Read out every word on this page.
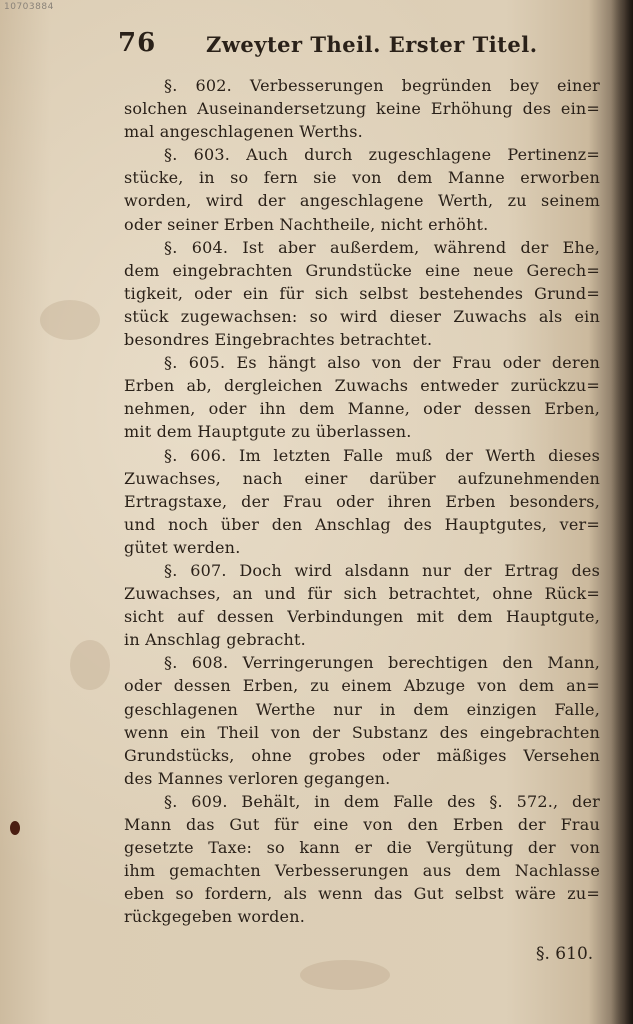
10703884
76 Zweyter Theil. Erster Titel.
§. 602. Verbesserungen begründen bey einer
solchen Auseinandersetzung keine Erhöhung des ein=
mal angeschlagenen Werths.
§. 603. Auch durch zugeschlagene Pertinenz=
stücke, in so fern sie von dem Manne erworben
worden, wird der angeschlagene Werth, zu seinem
oder seiner Erben Nachtheile, nicht erhöht.
§. 604. Ist aber außerdem, während der Ehe,
dem eingebrachten Grundstücke eine neue Gerech=
tigkeit, oder ein für sich selbst bestehendes Grund=
stück zugewachsen: so wird dieser Zuwachs als ein
besondres Eingebrachtes betrachtet.
§. 605. Es hängt also von der Frau oder deren
Erben ab, dergleichen Zuwachs entweder zurückzu=
nehmen, oder ihn dem Manne, oder dessen Erben,
mit dem Hauptgute zu überlassen.
§. 606. Im letzten Falle muß der Werth dieses
Zuwachses, nach einer darüber aufzunehmenden
Ertragstaxe, der Frau oder ihren Erben besonders,
und noch über den Anschlag des Hauptgutes, ver=
gütet werden.
§. 607. Doch wird alsdann nur der Ertrag des
Zuwachses, an und für sich betrachtet, ohne Rück=
sicht auf dessen Verbindungen mit dem Hauptgute,
in Anschlag gebracht.
§. 608. Verringerungen berechtigen den Mann,
oder dessen Erben, zu einem Abzuge von dem an=
geschlagenen Werthe nur in dem einzigen Falle,
wenn ein Theil von der Substanz des eingebrachten
Grundstücks, ohne grobes oder mäßiges Versehen
des Mannes verloren gegangen.
§. 609. Behält, in dem Falle des §. 572., der
Mann das Gut für eine von den Erben der Frau
gesetzte Taxe: so kann er die Vergütung der von
ihm gemachten Verbesserungen aus dem Nachlasse
eben so fordern, als wenn das Gut selbst wäre zu=
rückgegeben worden.
§. 610.
